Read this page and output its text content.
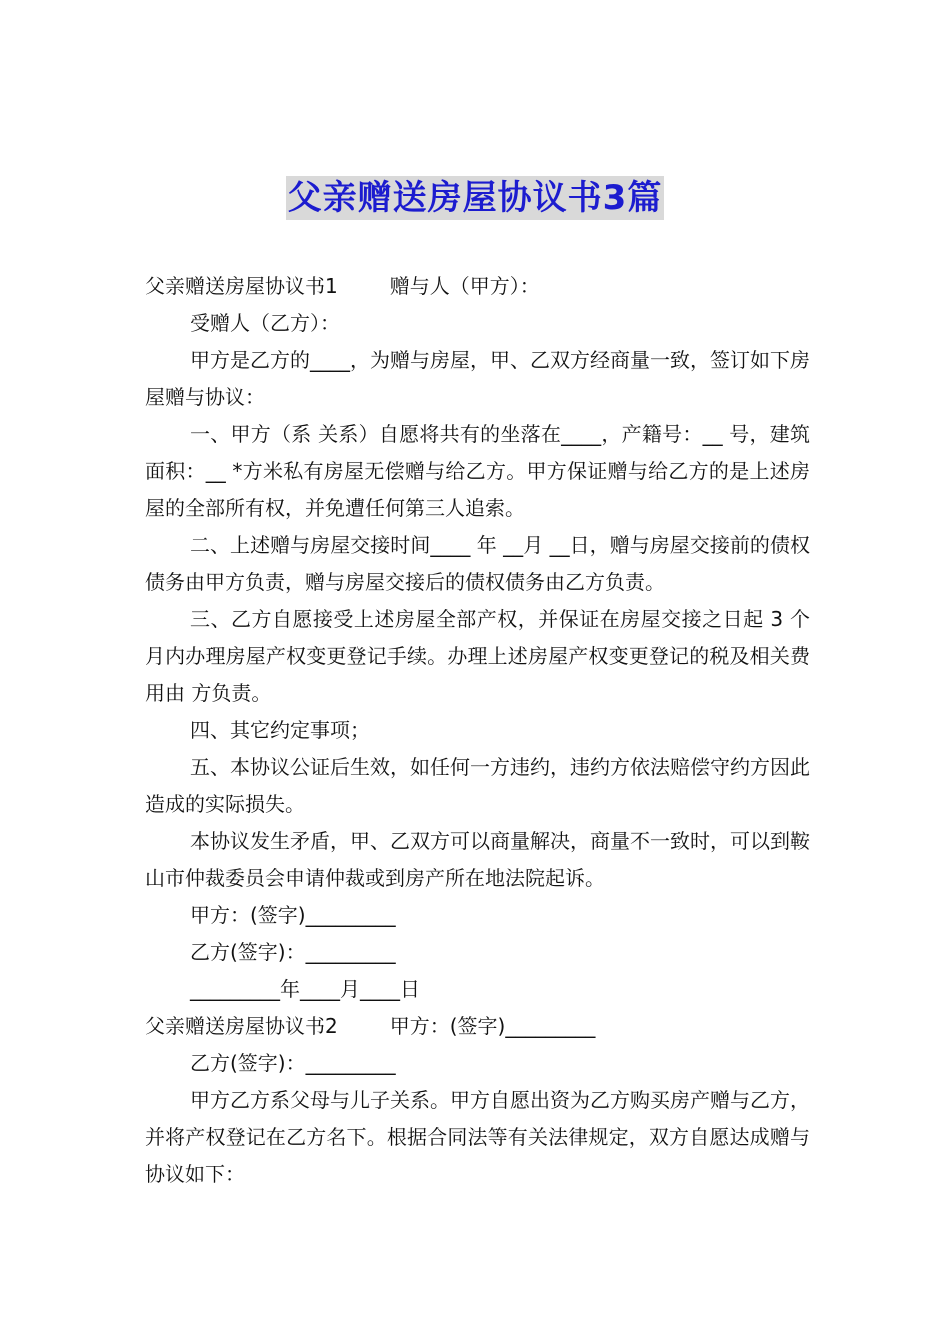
父亲赠送房屋协议书3篇

父亲赠送房屋协议书1	赠与人（甲方）：

受赠人（乙方）：

甲方是乙方的____，为赠与房屋，甲、乙双方经商量一致，签订如下房屋赠与协议：

一、甲方（系 关系）自愿将共有的坐落在____，产籍号：__ 号，建筑面积：__ *方米私有房屋无偿赠与给乙方。甲方保证赠与给乙方的是上述房屋的全部所有权，并免遭任何第三人追索。

二、上述赠与房屋交接时间____ 年 __月 __日，赠与房屋交接前的债权债务由甲方负责，赠与房屋交接后的债权债务由乙方负责。

三、乙方自愿接受上述房屋全部产权，并保证在房屋交接之日起 3 个月内办理房屋产权变更登记手续。办理上述房屋产权变更登记的税及相关费用由 方负责。

四、其它约定事项；

五、本协议公证后生效，如任何一方违约，违约方依法赔偿守约方因此造成的实际损失。

本协议发生矛盾，甲、乙双方可以商量解决，商量不一致时，可以到鞍山市仲裁委员会申请仲裁或到房产所在地法院起诉。

甲方：(签字)_________

乙方(签字)：_________

_________年____月____日

父亲赠送房屋协议书2	甲方：(签字)_________

乙方(签字)：_________

甲方乙方系父母与儿子关系。甲方自愿出资为乙方购买房产赠与乙方，并将产权登记在乙方名下。根据合同法等有关法律规定，双方自愿达成赠与协议如下：
